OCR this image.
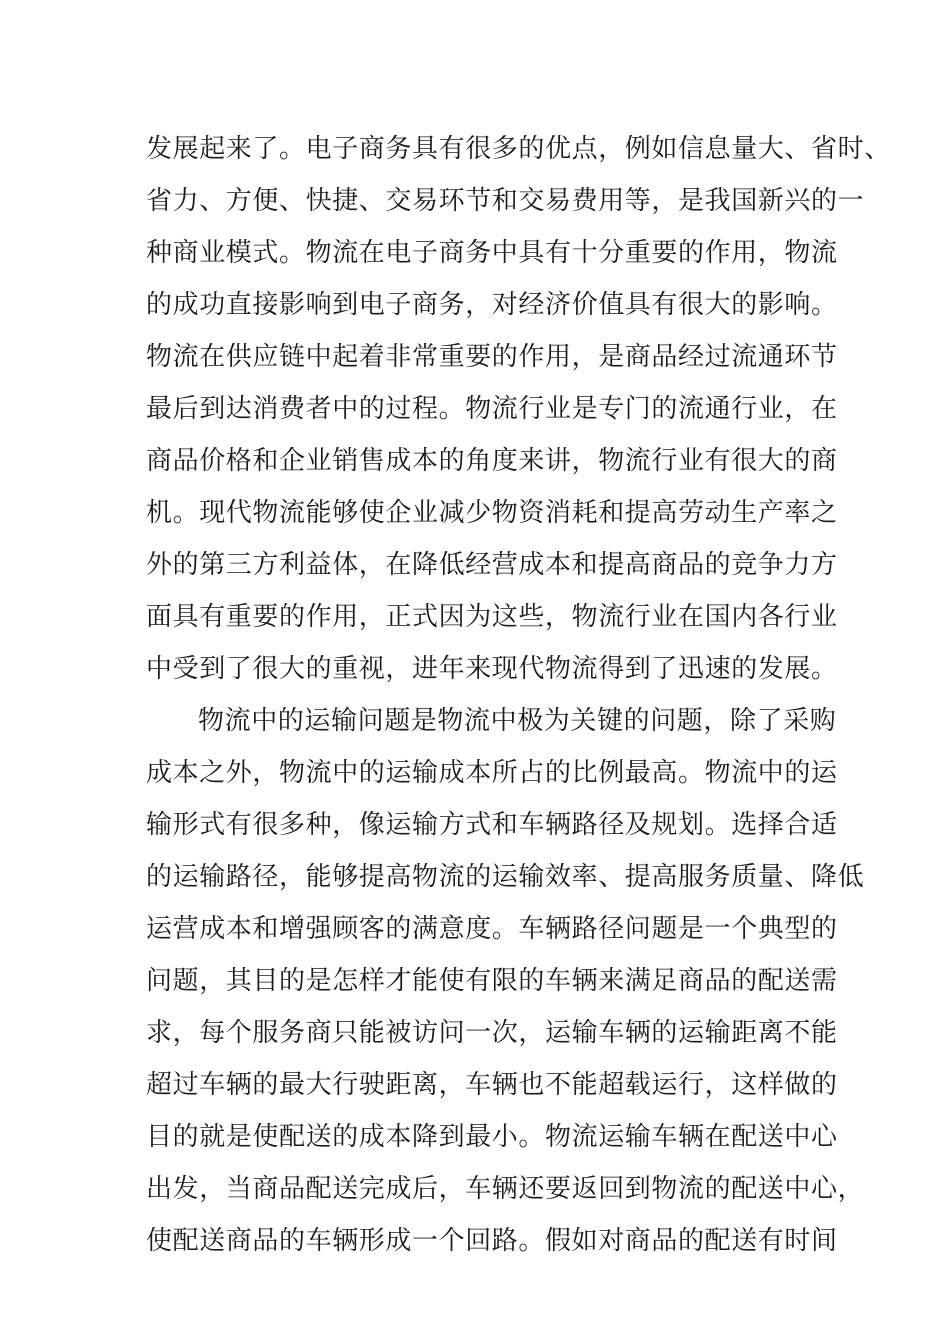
发展起来了。电子商务具有很多的优点，例如信息量大、省时、
省力、方便、快捷、交易环节和交易费用等，是我国新兴的一
种商业模式。物流在电子商务中具有十分重要的作用，物流
的成功直接影响到电子商务，对经济价值具有很大的影响。
物流在供应链中起着非常重要的作用，是商品经过流通环节
最后到达消费者中的过程。物流行业是专门的流通行业，在
商品价格和企业销售成本的角度来讲，物流行业有很大的商
机。现代物流能够使企业减少物资消耗和提高劳动生产率之
外的第三方利益体，在降低经营成本和提高商品的竞争力方
面具有重要的作用，正式因为这些，物流行业在国内各行业
中受到了很大的重视，进年来现代物流得到了迅速的发展。
物流中的运输问题是物流中极为关键的问题，除了采购
成本之外，物流中的运输成本所占的比例最高。物流中的运
输形式有很多种，像运输方式和车辆路径及规划。选择合适
的运输路径，能够提高物流的运输效率、提高服务质量、降低
运营成本和增强顾客的满意度。车辆路径问题是一个典型的
问题，其目的是怎样才能使有限的车辆来满足商品的配送需
求，每个服务商只能被访问一次，运输车辆的运输距离不能
超过车辆的最大行驶距离，车辆也不能超载运行，这样做的
目的就是使配送的成本降到最小。物流运输车辆在配送中心
出发，当商品配送完成后，车辆还要返回到物流的配送中心，
使配送商品的车辆形成一个回路。假如对商品的配送有时间
